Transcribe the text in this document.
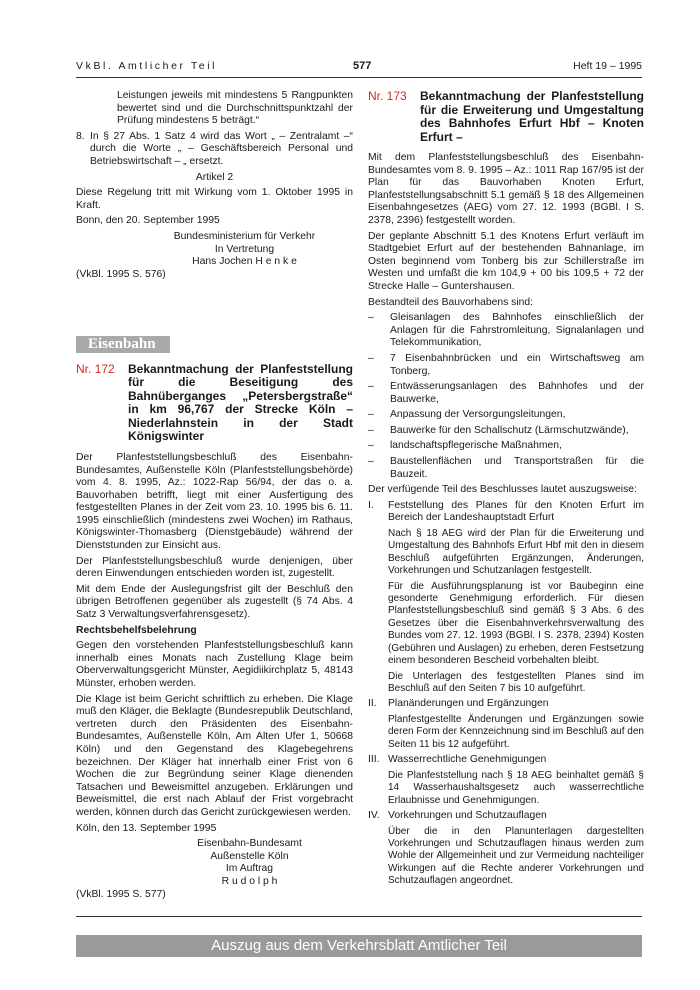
VkBl. Amtlicher Teil	577	Heft 19 – 1995

Leistungen jeweils mit mindestens 5 Rangpunkten bewertet sind und die Durchschnittspunktzahl der Prüfung mindestens 5 beträgt.“

8. In § 27 Abs. 1 Satz 4 wird das Wort „ – Zentralamt –“ durch die Worte „ – Geschäftsbereich Personal und Betriebswirtschaft – „ ersetzt.

Artikel 2

Diese Regelung tritt mit Wirkung vom 1. Oktober 1995 in Kraft.

Bonn, den 20. September 1995

Bundesministerium für Verkehr
In Vertretung
Hans Jochen H e n k e

(VkBl. 1995 S. 576)

Eisenbahn
Nr. 172	Bekanntmachung der Planfeststellung für die Beseitigung des Bahnüberganges „Petersbergstraße“ in km 96,767 der Strecke Köln – Niederlahnstein in der Stadt Königswinter

Der Planfeststellungsbeschluß des Eisenbahn-Bundesamtes, Außenstelle Köln (Planfeststellungsbehörde) vom 4. 8. 1995, Az.: 1022-Rap 56/94, der das o. a. Bauvorhaben betrifft, liegt mit einer Ausfertigung des festgestellten Planes in der Zeit vom 23. 10. 1995 bis 6. 11. 1995 einschließlich (mindestens zwei Wochen) im Rathaus, Königswinter-Thomasberg (Dienstgebäude) während der Dienststunden zur Einsicht aus.

Der Planfeststellungsbeschluß wurde denjenigen, über deren Einwendungen entschieden worden ist, zugestellt.

Mit dem Ende der Auslegungsfrist gilt der Beschluß den übrigen Betroffenen gegenüber als zugestellt (§ 74 Abs. 4 Satz 3 Verwaltungsverfahrensgesetz).

Rechtsbehelfsbelehrung

Gegen den vorstehenden Planfeststellungsbeschluß kann innerhalb eines Monats nach Zustellung Klage beim Oberverwaltungsgericht Münster, Aegidiikirchplatz 5, 48143 Münster, erhoben werden.

Die Klage ist beim Gericht schriftlich zu erheben. Die Klage muß den Kläger, die Beklagte (Bundesrepublik Deutschland, vertreten durch den Präsidenten des Eisenbahn-Bundesamtes, Außenstelle Köln, Am Alten Ufer 1, 50668 Köln) und den Gegenstand des Klagebegehrens bezeichnen. Der Kläger hat innerhalb einer Frist von 6 Wochen die zur Begründung seiner Klage dienenden Tatsachen und Beweismittel anzugeben. Erklärungen und Beweismittel, die erst nach Ablauf der Frist vorgebracht werden, können durch das Gericht zurückgewiesen werden.

Köln, den 13. September 1995

Eisenbahn-Bundesamt
Außenstelle Köln
Im Auftrag
R u d o l p h

(VkBl. 1995 S. 577)

Nr. 173	Bekanntmachung der Planfeststellung für die Erweiterung und Umgestaltung des Bahnhofes Erfurt Hbf – Knoten Erfurt –

Mit dem Planfeststellungsbeschluß des Eisenbahn-Bundesamtes vom 8. 9. 1995 – Az.: 1011 Rap 167/95 ist der Plan für das Bauvorhaben Knoten Erfurt, Planfeststellungsabschnitt 5.1 gemäß § 18 des Allgemeinen Eisenbahngesetzes (AEG) vom 27. 12. 1993 (BGBl. I S. 2378, 2396) festgestellt worden.

Der geplante Abschnitt 5.1 des Knotens Erfurt verläuft im Stadtgebiet Erfurt auf der bestehenden Bahnanlage, im Osten beginnend vom Tonberg bis zur Schillerstraße im Westen und umfaßt die km 104,9 + 00 bis 109,5 + 72 der Strecke Halle – Guntershausen.

Bestandteil des Bauvorhabens sind:

– Gleisanlagen des Bahnhofes einschließlich der Anlagen für die Fahrstromleitung, Signalanlagen und Telekommunikation,
– 7 Eisenbahnbrücken und ein Wirtschaftsweg am Tonberg,
– Entwässerungsanlagen des Bahnhofes und der Bauwerke,
– Anpassung der Versorgungsleitungen,
– Bauwerke für den Schallschutz (Lärmschutzwände),
– landschaftspflegerische Maßnahmen,
– Baustellenflächen und Transportstraßen für die Bauzeit.

Der verfügende Teil des Beschlusses lautet auszugsweise:

I. Feststellung des Planes für den Knoten Erfurt im Bereich der Landeshauptstadt Erfurt

Nach § 18 AEG wird der Plan für die Erweiterung und Umgestaltung des Bahnhofs Erfurt Hbf mit den in diesem Beschluß aufgeführten Ergänzungen, Änderungen, Vorkehrungen und Schutzanlagen festgestellt.

Für die Ausführungsplanung ist vor Baubeginn eine gesonderte Genehmigung erforderlich. Für diesen Planfeststellungsbeschluß sind gemäß § 3 Abs. 6 des Gesetzes über die Eisenbahnverkehrsverwaltung des Bundes vom 27. 12. 1993 (BGBl. I S. 2378, 2394) Kosten (Gebühren und Auslagen) zu erheben, deren Festsetzung einem besonderen Bescheid vorbehalten bleibt.

Die Unterlagen des festgestellten Planes sind im Beschluß auf den Seiten 7 bis 10 aufgeführt.

II. Planänderungen und Ergänzungen

Planfestgestellte Änderungen und Ergänzungen sowie deren Form der Kennzeichnung sind im Beschluß auf den Seiten 11 bis 12 aufgeführt.

III. Wasserrechtliche Genehmigungen

Die Planfeststellung nach § 18 AEG beinhaltet gemäß § 14 Wasserhaushaltsgesetz auch wasserrechtliche Erlaubnisse und Genehmigungen.

IV. Vorkehrungen und Schutzauflagen

Über die in den Planunterlagen dargestellten Vorkehrungen und Schutzauflagen hinaus werden zum Wohle der Allgemeinheit und zur Vermeidung nachteiliger Wirkungen auf die Rechte anderer Vorkehrungen und Schutzauflagen angeordnet.

Auszug aus dem Verkehrsblatt Amtlicher Teil
